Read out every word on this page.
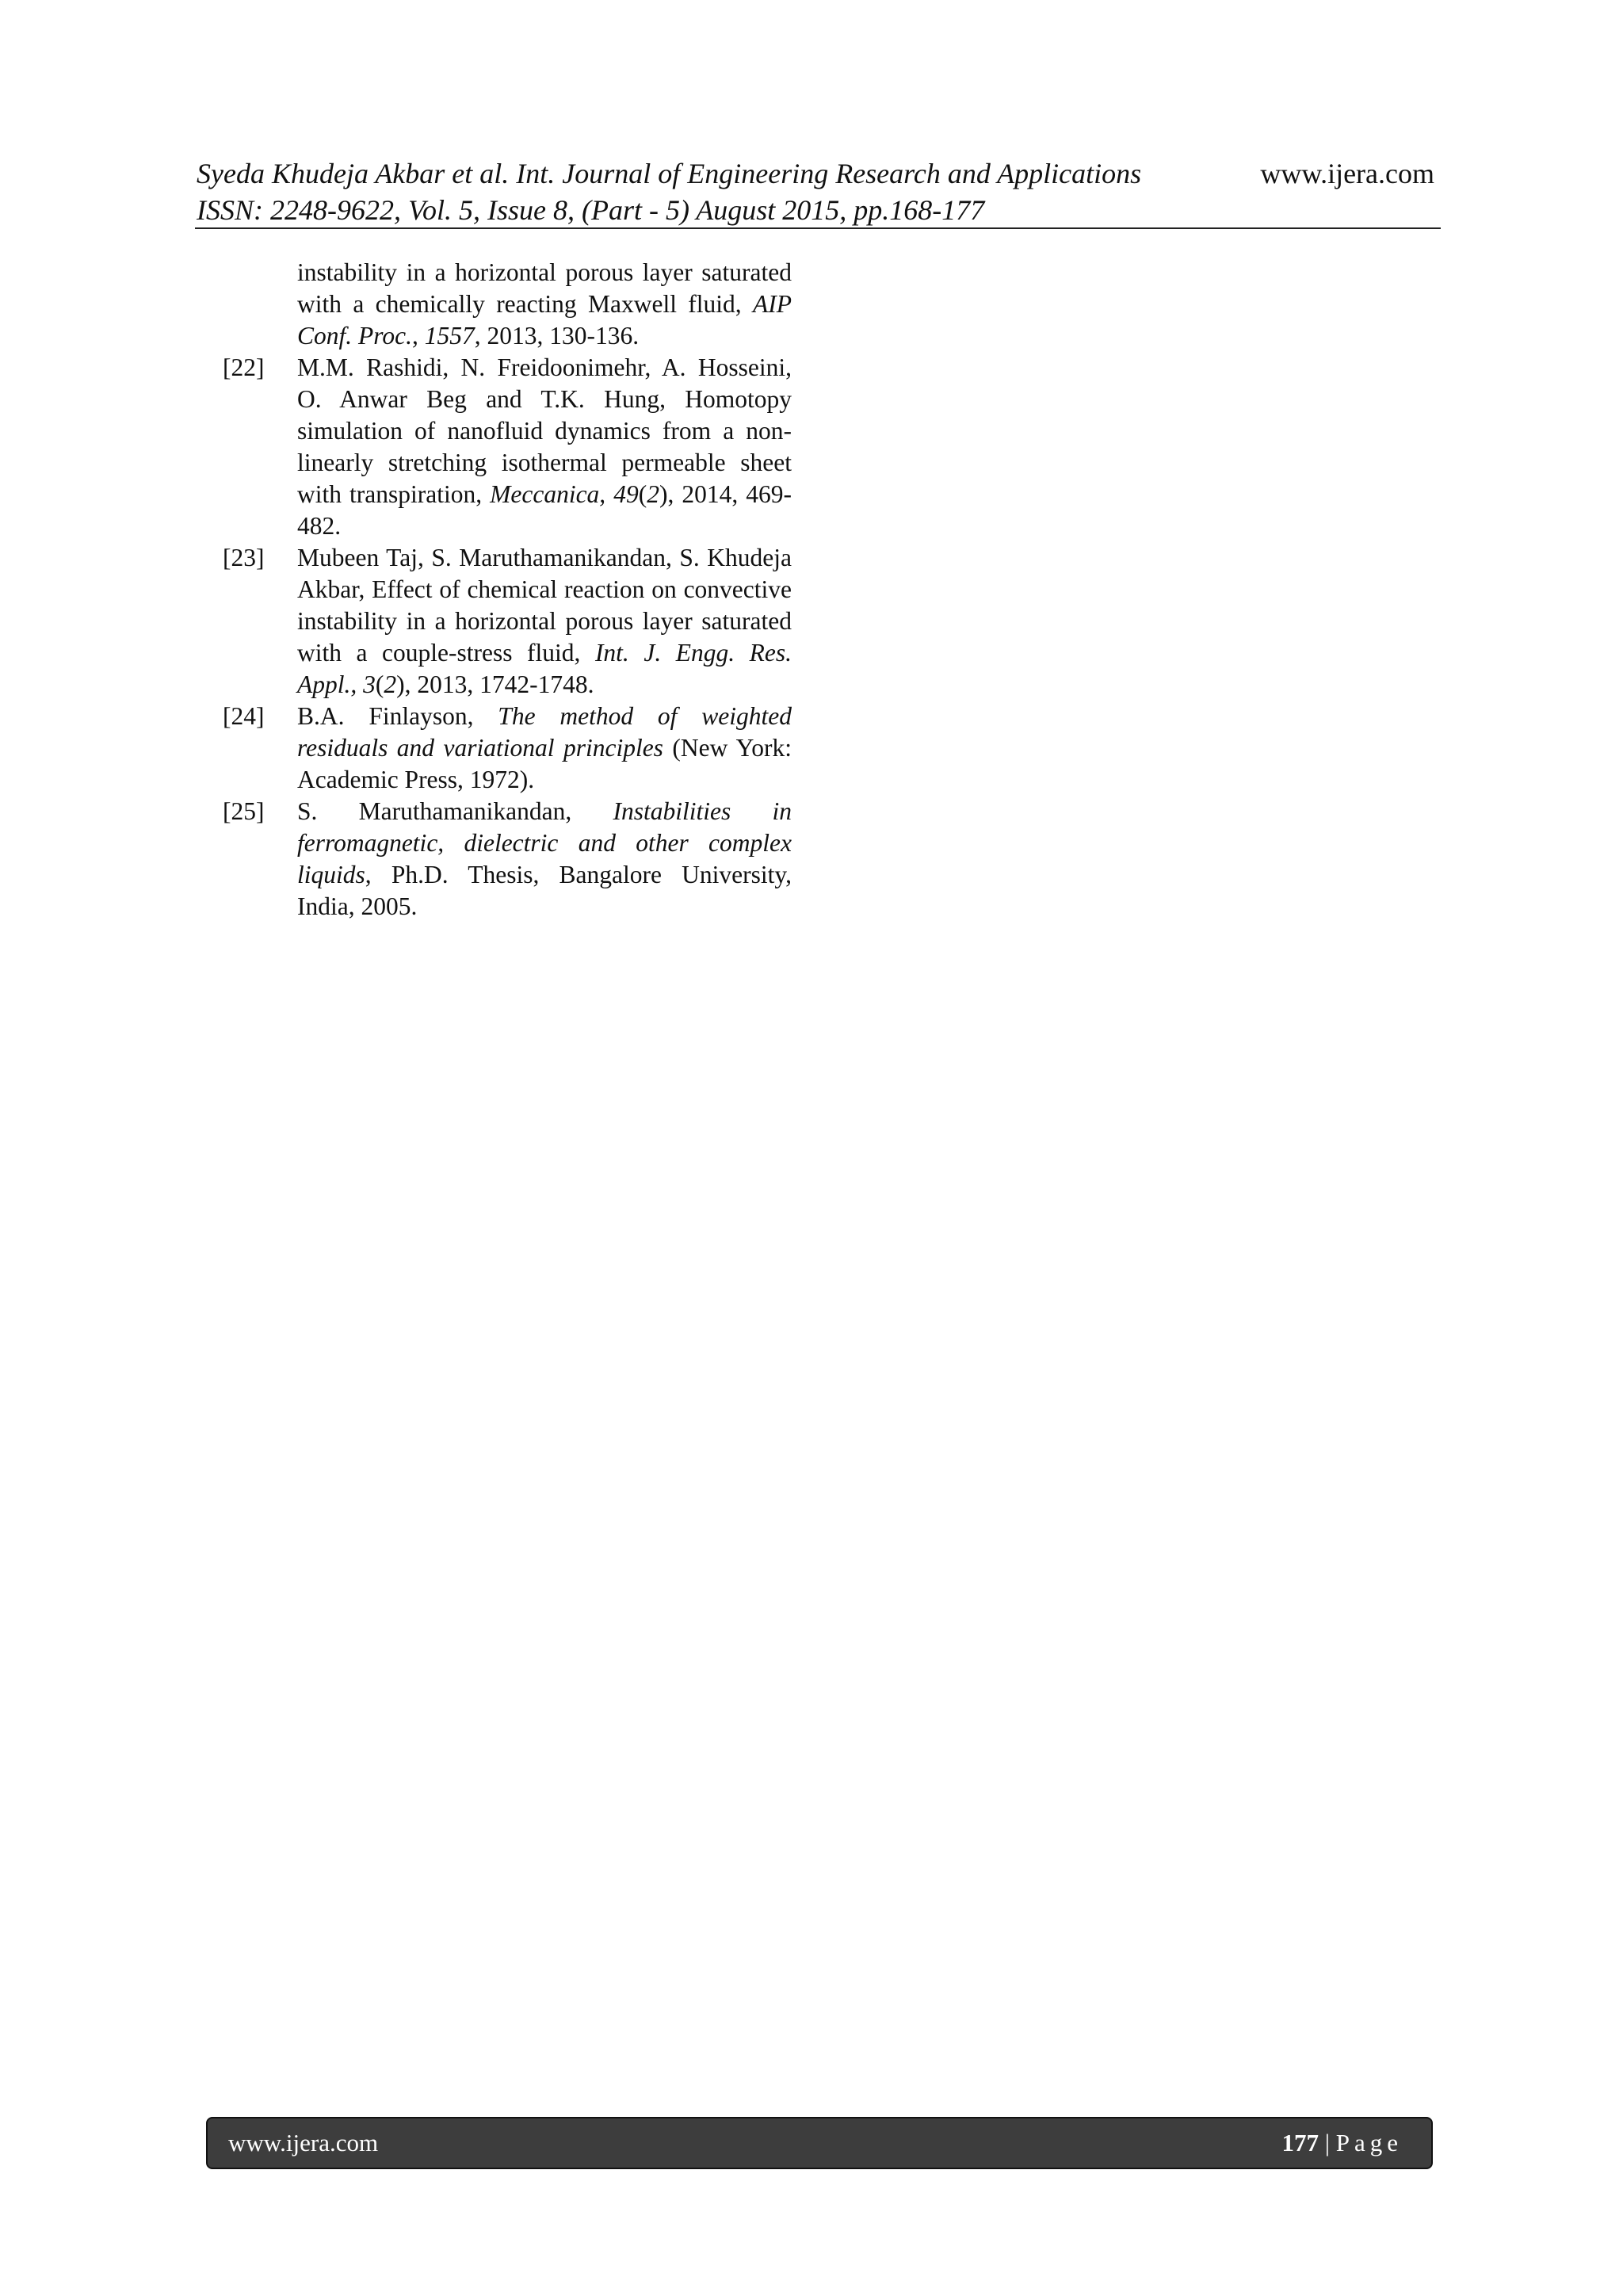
Syeda Khudeja Akbar et al. Int. Journal of Engineering Research and Applications	www.ijera.com
ISSN: 2248-9622, Vol. 5, Issue 8, (Part - 5) August 2015, pp.168-177
instability in a horizontal porous layer saturated with a chemically reacting Maxwell fluid, AIP Conf. Proc., 1557, 2013, 130-136.
[22]	M.M. Rashidi, N. Freidoonimehr, A. Hosseini, O. Anwar Beg and T.K. Hung, Homotopy simulation of nanofluid dynamics from a non-linearly stretching isothermal permeable sheet with transpiration, Meccanica, 49(2), 2014, 469-482.
[23]	Mubeen Taj, S. Maruthamanikandan, S. Khudeja Akbar, Effect of chemical reaction on convective instability in a horizontal porous layer saturated with a couple-stress fluid, Int. J. Engg. Res. Appl., 3(2), 2013, 1742-1748.
[24]	B.A. Finlayson, The method of weighted residuals and variational principles (New York: Academic Press, 1972).
[25]	S. Maruthamanikandan, Instabilities in ferromagnetic, dielectric and other complex liquids, Ph.D. Thesis, Bangalore University, India, 2005.
www.ijera.com	177 | Page
